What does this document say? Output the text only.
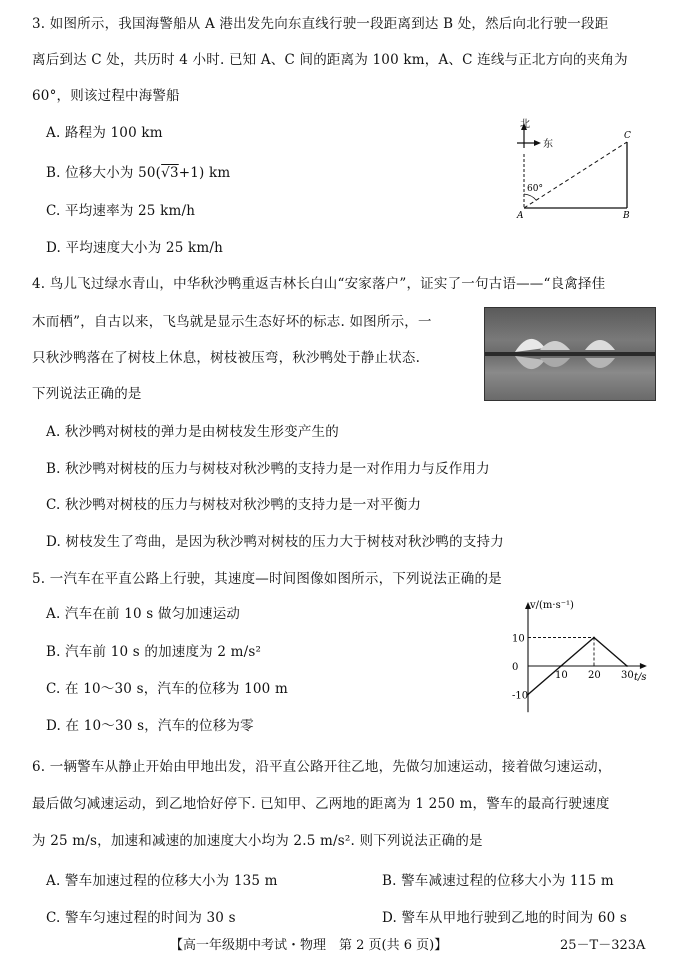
3. 如图所示，我国海警船从 A 港出发先向东直线行驶一段距离到达 B 处，然后向北行驶一段距
离后到达 C 处，共历时 4 小时. 已知 A、C 间的距离为 100 km，A、C 连线与正北方向的夹角为
60°，则该过程中海警船
A. 路程为 100 km
B. 位移大小为 50(√3+1) km
C. 平均速率为 25 km/h
D. 平均速度大小为 25 km/h
北
东
60°
A	B
C
4. 鸟儿飞过绿水青山，中华秋沙鸭重返吉林长白山“安家落户”，证实了一句古语——“良禽择佳
木而栖”，自古以来，飞鸟就是显示生态好坏的标志. 如图所示，一
只秋沙鸭落在了树枝上休息，树枝被压弯，秋沙鸭处于静止状态.
下列说法正确的是
A. 秋沙鸭对树枝的弹力是由树枝发生形变产生的
B. 秋沙鸭对树枝的压力与树枝对秋沙鸭的支持力是一对作用力与反作用力
C. 秋沙鸭对树枝的压力与树枝对秋沙鸭的支持力是一对平衡力
D. 树枝发生了弯曲，是因为秋沙鸭对树枝的压力大于树枝对秋沙鸭的支持力
5. 一汽车在平直公路上行驶，其速度—时间图像如图所示，下列说法正确的是
A. 汽车在前 10 s 做匀加速运动
B. 汽车前 10 s 的加速度为 2 m/s²
C. 在 10～30 s，汽车的位移为 100 m
D. 在 10～30 s，汽车的位移为零
v/(m·s⁻¹)
t/s
10 20 30
10
0
-10
6. 一辆警车从静止开始由甲地出发，沿平直公路开往乙地，先做匀加速运动，接着做匀速运动，
最后做匀减速运动，到乙地恰好停下. 已知甲、乙两地的距离为 1 250 m，警车的最高行驶速度
为 25 m/s，加速和减速的加速度大小均为 2.5 m/s². 则下列说法正确的是
A. 警车加速过程的位移大小为 135 m	B. 警车减速过程的位移大小为 115 m
C. 警车匀速过程的时间为 30 s	D. 警车从甲地行驶到乙地的时间为 60 s
【高一年级期中考试・物理　第 2 页(共 6 页)】	25－T－323A
